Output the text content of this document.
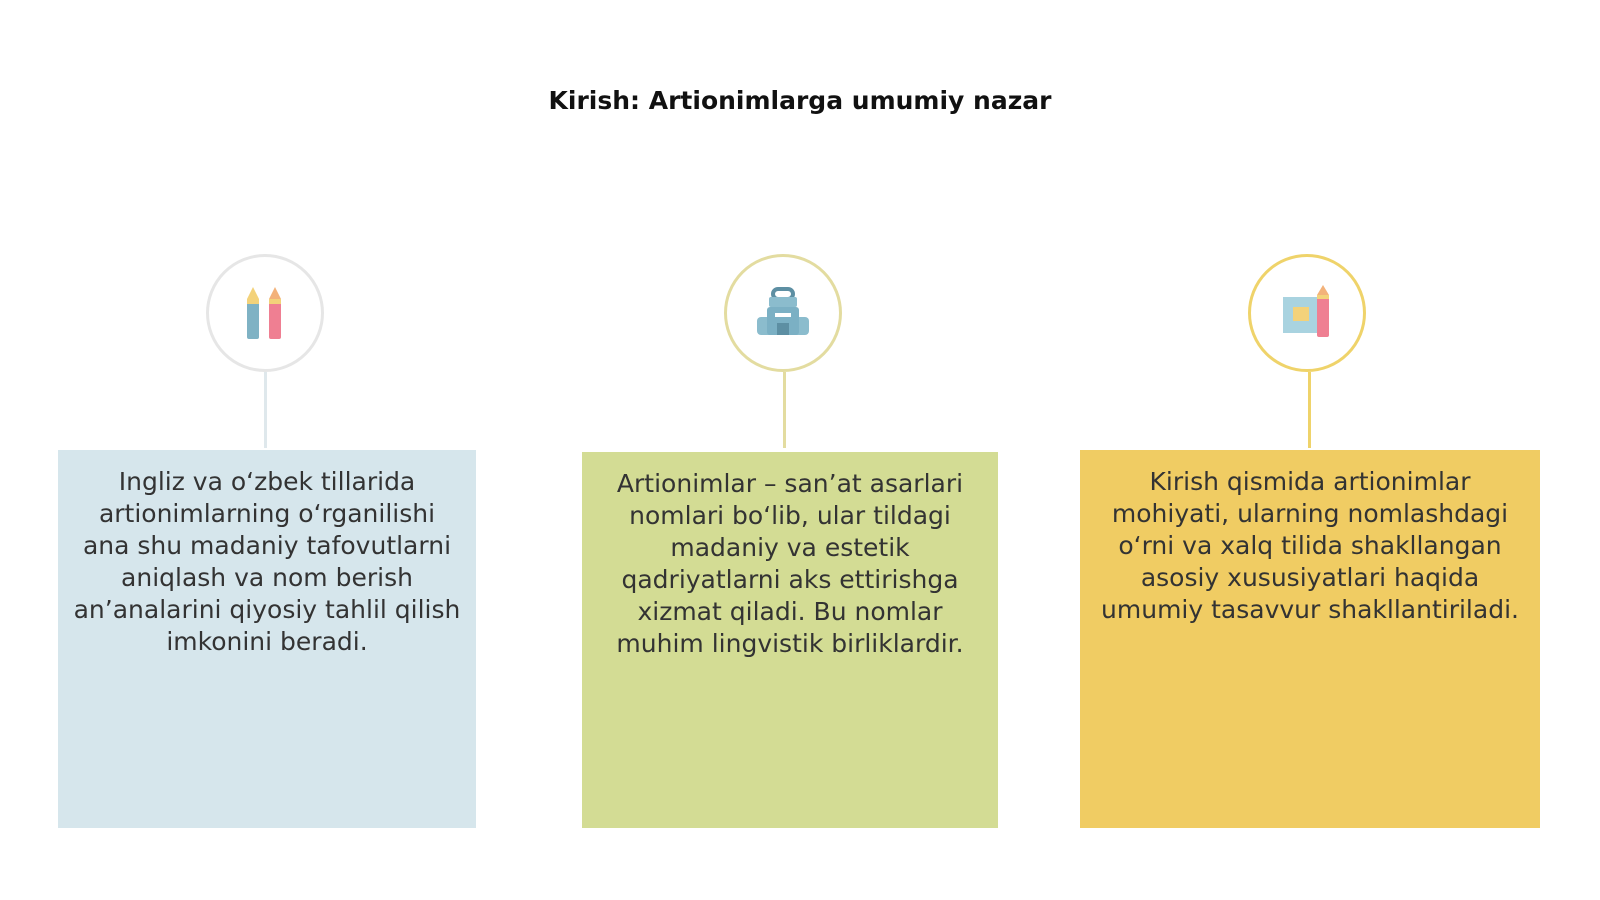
Kirish: Artionimlarga umumiy nazar
Ingliz va o‘zbek tillarida artionimlarning o‘rganilishi ana shu madaniy tafovutlarni aniqlash va nom berish an’analarini qiyosiy tahlil qilish imkonini beradi.
Artionimlar – san’at asarlari nomlari bo‘lib, ular tildagi madaniy va estetik qadriyatlarni aks ettirishga xizmat qiladi. Bu nomlar muhim lingvistik birliklardir.
Kirish qismida artionimlar mohiyati, ularning nomlashdagi o‘rni va xalq tilida shakllangan asosiy xususiyatlari haqida umumiy tasavvur shakllantiriladi.
